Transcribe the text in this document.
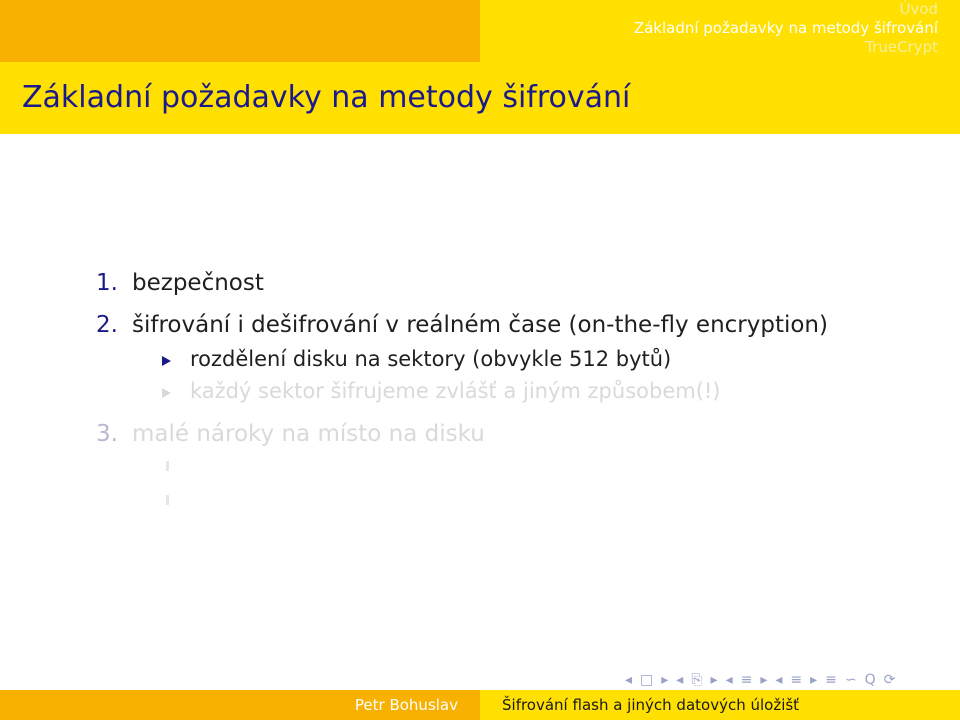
Úvod
Základní požadavky na metody šifrování
TrueCrypt
Základní požadavky na metody šifrování
1. bezpečnost
2. šifrování i dešifrování v reálném čase (on-the-fly encryption)
rozdělení disku na sektory (obvykle 512 bytů)
každý sektor šifrujeme zvlášť a jiným způsobem(!)
3. malé nároky na místo na disku
◂ □ ▸ ◂ ⎘ ▸ ◂ ≡ ▸ ◂ ≡ ▸ ≡ ∽ Q ⟳
Petr Bohuslav	Šifrování flash a jiných datových úložišť
